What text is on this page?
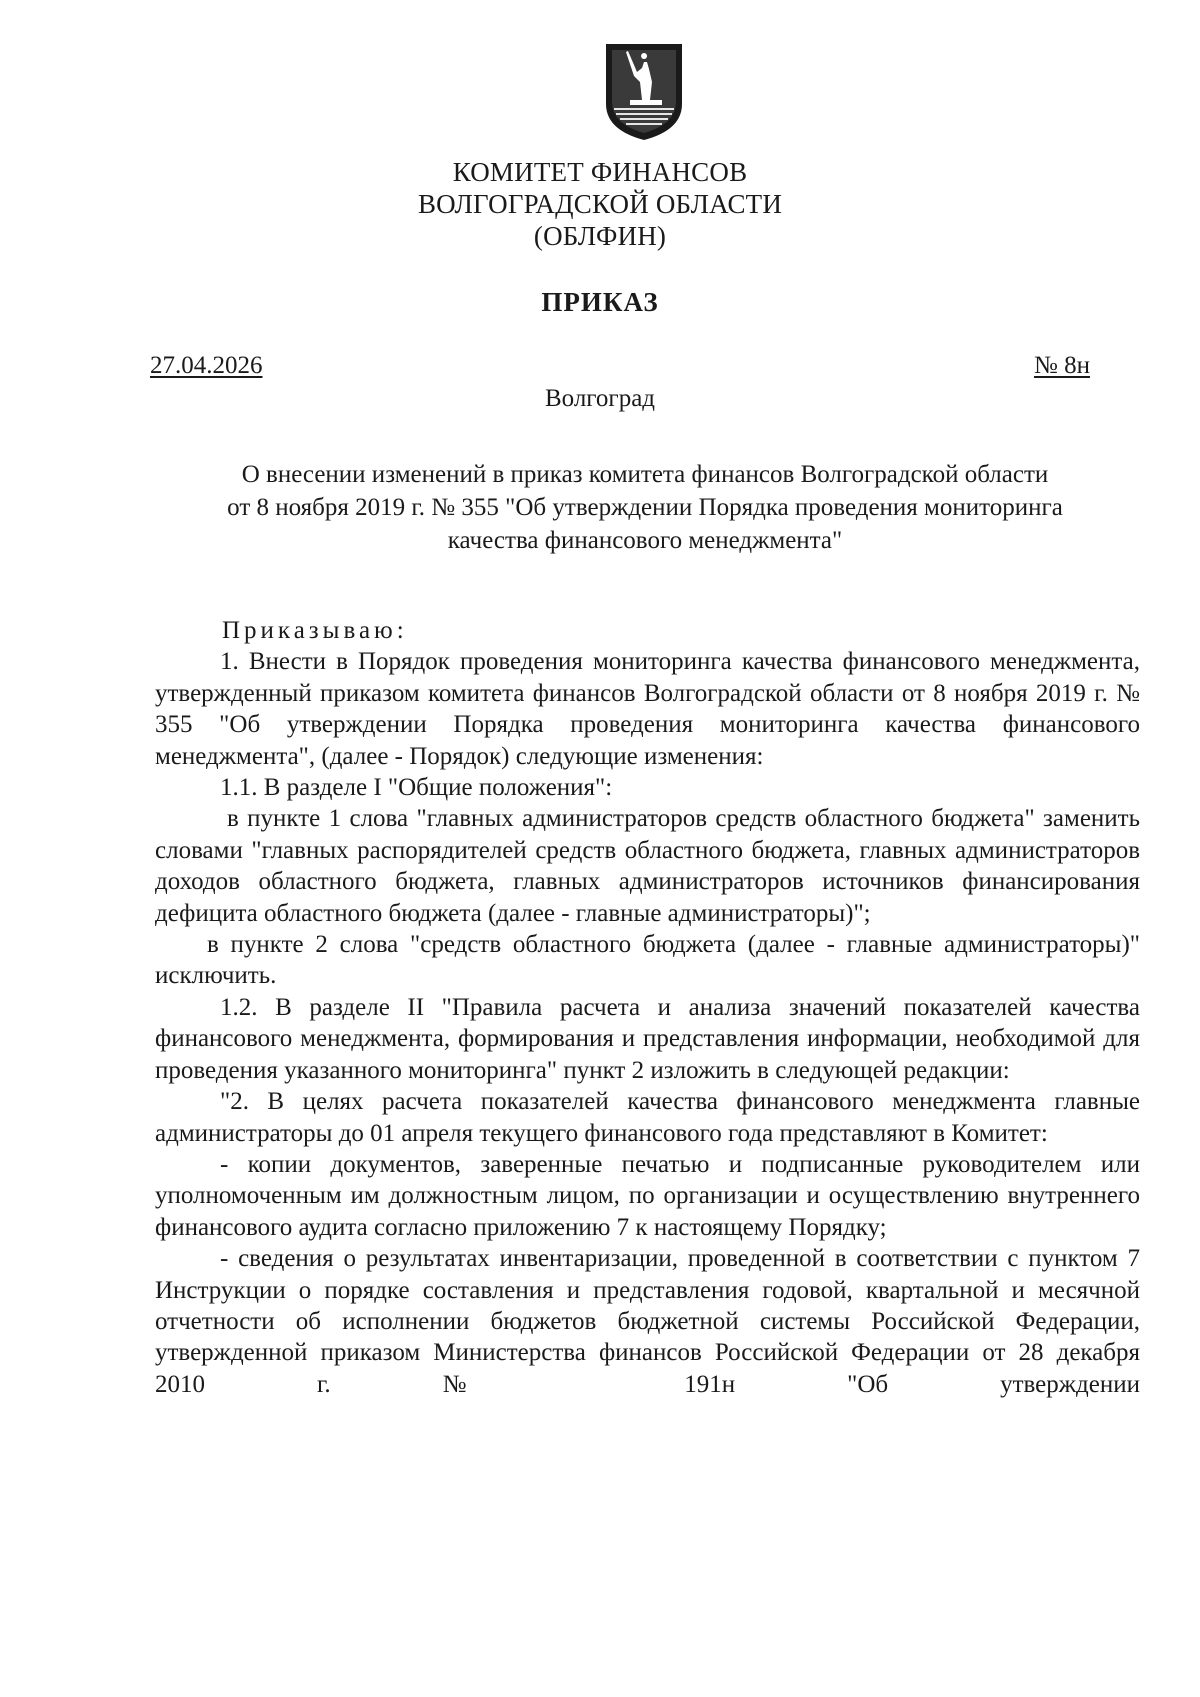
КОМИТЕТ ФИНАНСОВ
ВОЛГОГРАДСКОЙ ОБЛАСТИ
(ОБЛФИН)
ПРИКАЗ
27.04.2026	№ 8н
Волгоград
О внесении изменений в приказ комитета финансов Волгоградской области
от 8 ноября 2019 г. № 355 "Об утверждении Порядка проведения мониторинга
качества финансового менеджмента"

Приказываю:

1. Внести в Порядок проведения мониторинга качества финансового менеджмента, утвержденный приказом комитета финансов Волгоградской области от 8 ноября 2019 г. № 355 "Об утверждении Порядка проведения мониторинга качества финансового менеджмента", (далее - Порядок) следующие изменения:

1.1. В разделе I "Общие положения":

в пункте 1 слова "главных администраторов средств областного бюджета" заменить словами "главных распорядителей средств областного бюджета, главных администраторов доходов областного бюджета, главных администраторов источников финансирования дефицита областного бюджета (далее - главные администраторы)";

в пункте 2 слова "средств областного бюджета (далее - главные администраторы)" исключить.

1.2. В разделе II "Правила расчета и анализа значений показателей качества финансового менеджмента, формирования и представления информации, необходимой для проведения указанного мониторинга" пункт 2 изложить в следующей редакции:

"2. В целях расчета показателей качества финансового менеджмента главные администраторы до 01 апреля текущего финансового года представляют в Комитет:

- копии документов, заверенные печатью и подписанные руководителем или уполномоченным им должностным лицом, по организации и осуществлению внутреннего финансового аудита согласно приложению 7 к настоящему Порядку;

- сведения о результатах инвентаризации, проведенной в соответствии с пунктом 7 Инструкции о порядке составления и представления годовой, квартальной и месячной отчетности об исполнении бюджетов бюджетной системы Российской Федерации, утвержденной приказом Министерства финансов Российской Федерации от 28 декабря 2010 г. № 191н "Об утверждении
